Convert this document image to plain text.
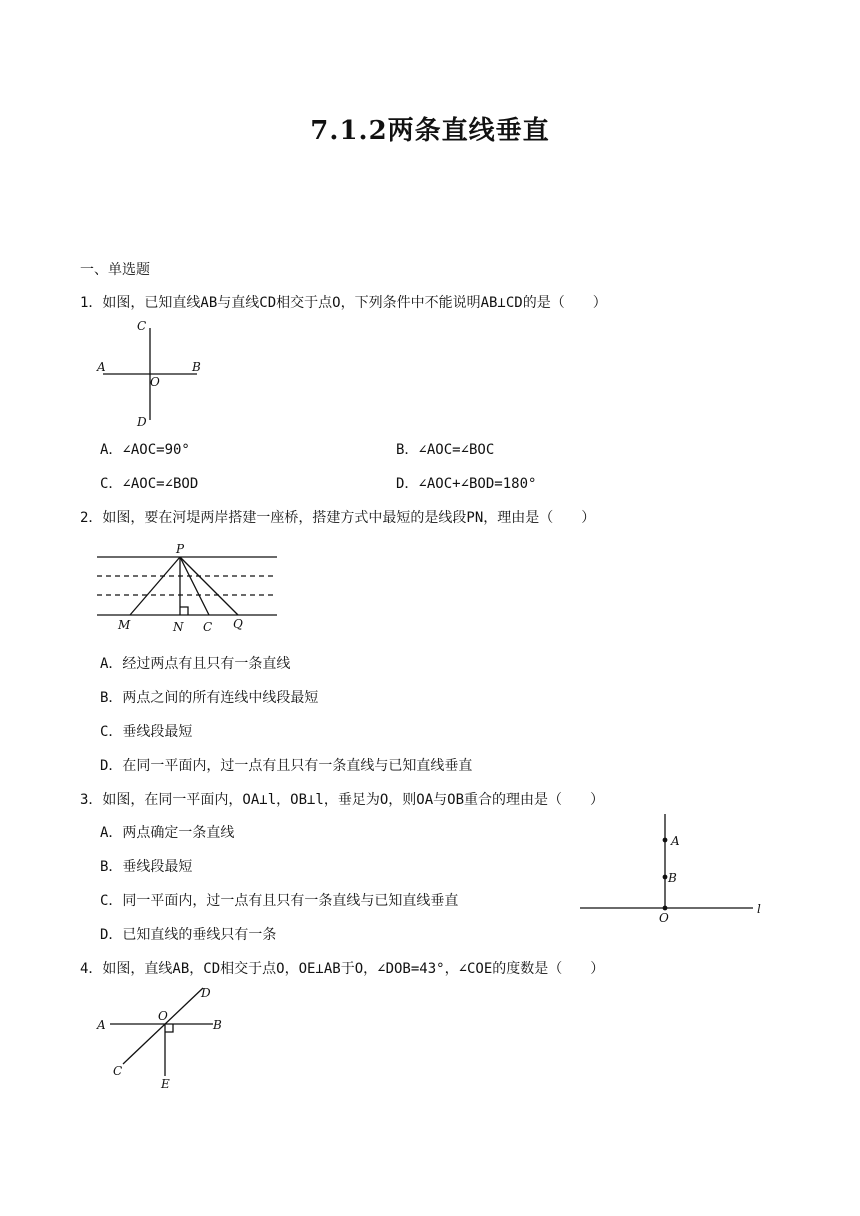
7.1.2两条直线垂直
一、单选题
1．如图，已知直线AB与直线CD相交于点O，下列条件中不能说明AB⊥CD的是（　　）
C
A	B
O
D
A．∠AOC=90°	B．∠AOC=∠BOC
C．∠AOC=∠BOD	D．∠AOC+∠BOD=180°
2．如图，要在河堤两岸搭建一座桥，搭建方式中最短的是线段PN，理由是（　　）
P
M	N C Q
A．经过两点有且只有一条直线
B．两点之间的所有连线中线段最短
C．垂线段最短
D．在同一平面内，过一点有且只有一条直线与已知直线垂直
3．如图，在同一平面内，OA⊥l，OB⊥l，垂足为O，则OA与OB重合的理由是（　　）
A．两点确定一条直线
B．垂线段最短
C．同一平面内，过一点有且只有一条直线与已知直线垂直
D．已知直线的垂线只有一条
A
B
O
l
4．如图，直线AB，CD相交于点O，OE⊥AB于O，∠DOB=43°，∠COE的度数是（　　）
D
O
A	B
C
E
